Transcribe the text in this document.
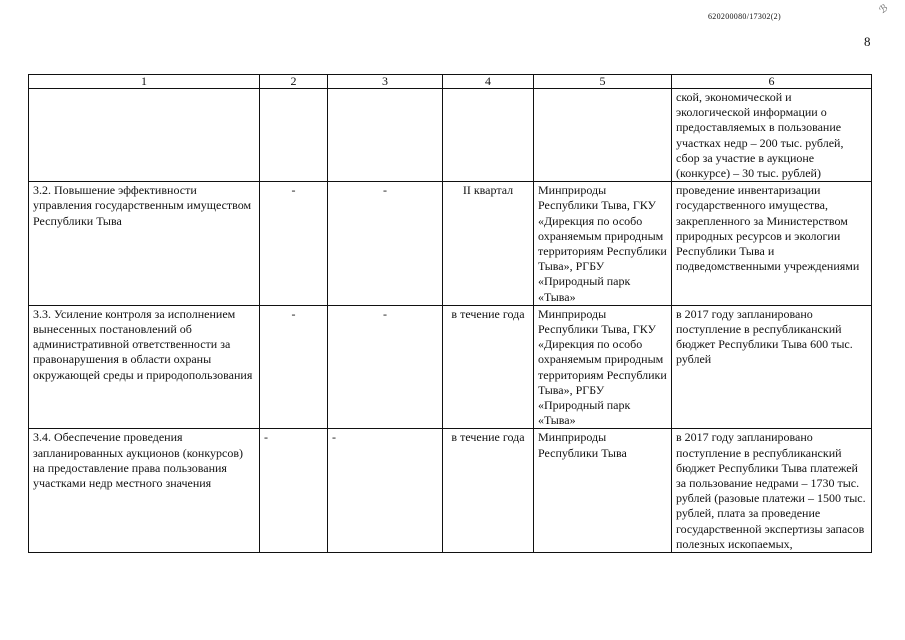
ℬ
620200080/17302(2)
8
1	2	3	4	5	6
					ской, экономической и экологической информации о предоставляемых в пользование участках недр – 200 тыс. рублей, сбор за участие в аукционе (конкурсе) – 30 тыс. рублей)
3.2. Повышение эффективности управления государственным имуществом Республики Тыва	-	-	II квартал	Минприроды Республики Тыва, ГКУ «Дирекция по особо охраняемым природным территориям Республики Тыва», РГБУ «Природный парк «Тыва»	проведение инвентаризации государственного имущества, закрепленного за Министерством природных ресурсов и экологии Республики Тыва и подведомственными учреждениями
3.3. Усиление контроля за исполнением вынесенных постановлений об административной ответственности за правонарушения в области охраны окружающей среды и природопользования	-	-	в течение года	Минприроды Республики Тыва, ГКУ «Дирекция по особо охраняемым природным территориям Республики Тыва», РГБУ «Природный парк «Тыва»	в 2017 году запланировано поступление в республиканский бюджет Республики Тыва 600 тыс. рублей
3.4. Обеспечение проведения запланированных аукционов (конкурсов) на предоставление права пользования участками недр местного значения	-	-	в течение года	Минприроды Республики Тыва	в 2017 году запланировано поступление в республиканский бюджет Республики Тыва платежей за пользование недрами – 1730 тыс. рублей (разовые платежи – 1500 тыс. рублей, плата за проведение государственной экспертизы запасов полезных ископаемых,
